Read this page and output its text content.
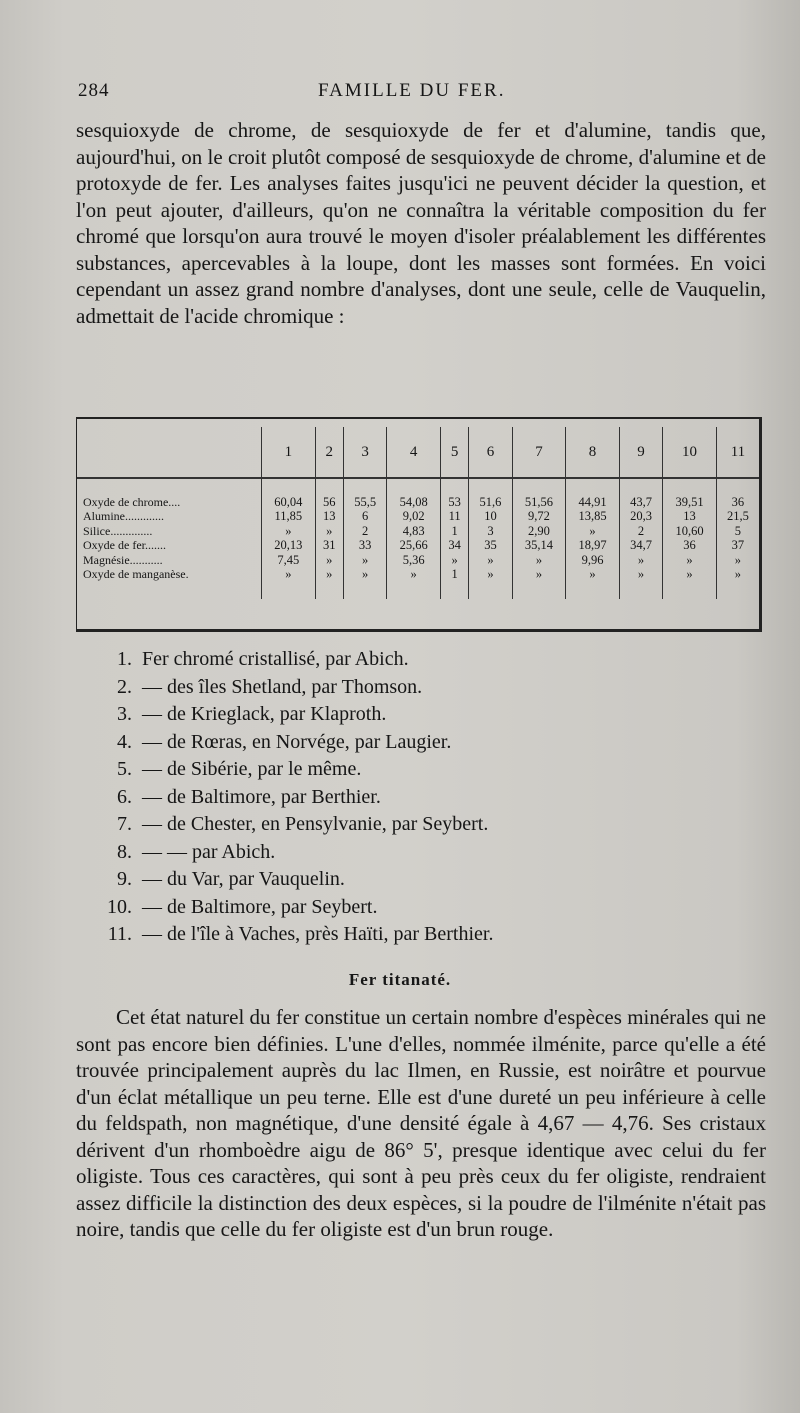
284	FAMILLE DU FER.
sesquioxyde de chrome, de sesquioxyde de fer et d'alumine, tandis que, aujourd'hui, on le croit plutôt composé de sesquioxyde de chrome, d'alumine et de protoxyde de fer. Les analyses faites jusqu'ici ne peuvent décider la question, et l'on peut ajouter, d'ailleurs, qu'on ne connaîtra la véritable composition du fer chromé que lorsqu'on aura trouvé le moyen d'isoler préalablement les différentes substances, apercevables à la loupe, dont les masses sont formées. En voici cependant un assez grand nombre d'analyses, dont une seule, celle de Vauquelin, admettait de l'acide chromique :
	1	2	3	4	5	6	7	8	9	10	11

Oxyde de chrome....	60,04	56	55,5	54,08	53	51,6	51,56	44,91	43,7	39,51	36
Alumine.............	11,85	13	6	9,02	11	10	9,72	13,85	20,3	13	21,5
Silice..............	»	»	2	4,83	1	3	2,90	»	2	10,60	5
Oxyde de fer.......	20,13	31	33	25,66	34	35	35,14	18,97	34,7	36	37
Magnésie...........	7,45	»	»	5,36	»	»	»	9,96	»	»	»
Oxyde de manganèse.	»	»	»	»	1	»	»	»	»	»	»

1. Fer chromé cristallisé, par Abich.
2. — des îles Shetland, par Thomson.
3. — de Krieglack, par Klaproth.
4. — de Rœras, en Norvége, par Laugier.
5. — de Sibérie, par le même.
6. — de Baltimore, par Berthier.
7. — de Chester, en Pensylvanie, par Seybert.
8. — — par Abich.
9. — du Var, par Vauquelin.
10. — de Baltimore, par Seybert.
11. — de l'île à Vaches, près Haïti, par Berthier.
Fer titanaté.
Cet état naturel du fer constitue un certain nombre d'espèces minérales qui ne sont pas encore bien définies. L'une d'elles, nommée ilménite, parce qu'elle a été trouvée principalement auprès du lac Ilmen, en Russie, est noirâtre et pourvue d'un éclat métallique un peu terne. Elle est d'une dureté un peu inférieure à celle du feldspath, non magnétique, d'une densité égale à 4,67 — 4,76. Ses cristaux dérivent d'un rhomboèdre aigu de 86° 5', presque identique avec celui du fer oligiste. Tous ces caractères, qui sont à peu près ceux du fer oligiste, rendraient assez difficile la distinction des deux espèces, si la poudre de l'ilménite n'était pas noire, tandis que celle du fer oligiste est d'un brun rouge.
